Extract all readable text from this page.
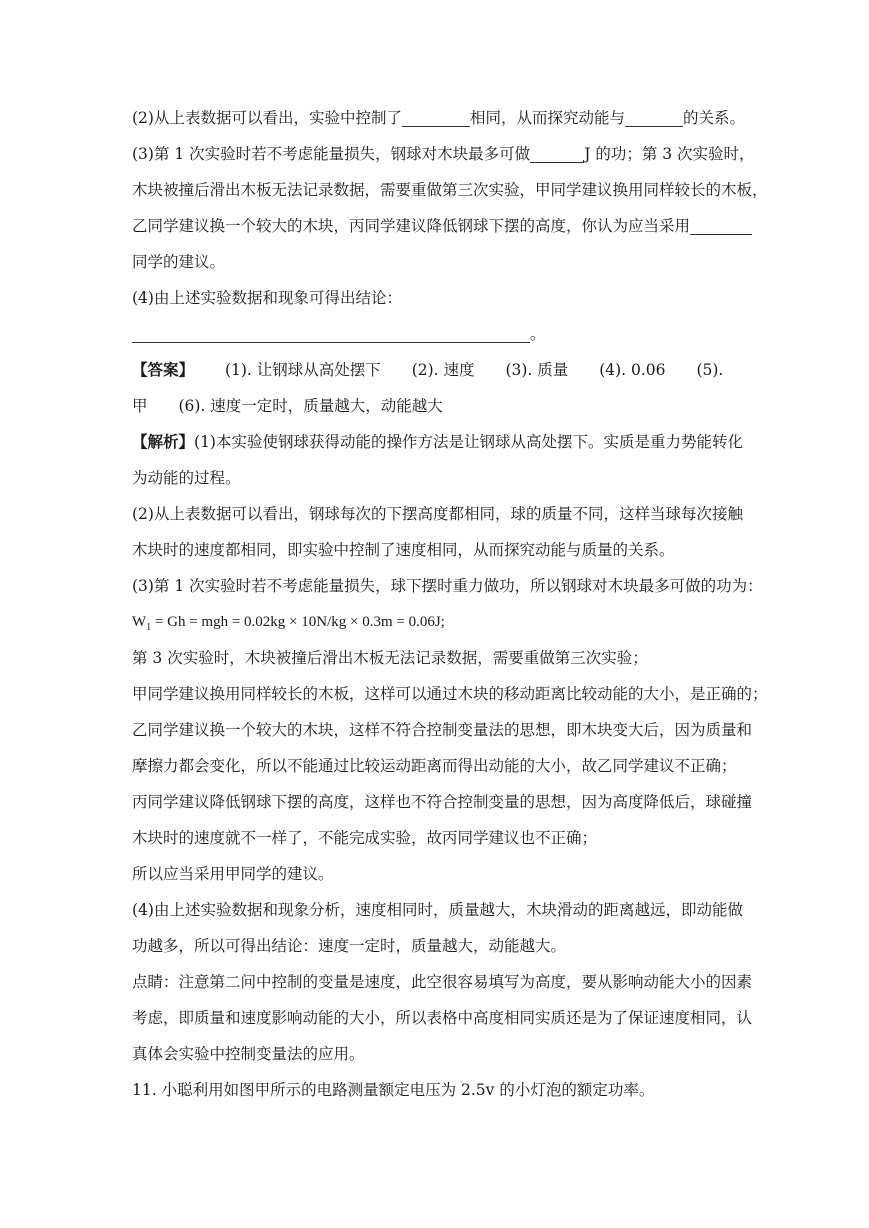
(2)从上表数据可以看出，实验中控制了	相同，从而探究动能与	的关系。
(3)第 1 次实验时若不考虑能量损失，钢球对木块最多可做	J 的功；第 3 次实验时，
木块被撞后滑出木板无法记录数据，需要重做第三次实验，甲同学建议换用同样较长的木板，
乙同学建议换一个较大的木块，丙同学建议降低钢球下摆的高度，你认为应当采用
同学的建议。
(4)由上述实验数据和现象可得出结论：
。
【答案】 (1). 让钢球从高处摆下 (2). 速度 (3). 质量 (4). 0.06 (5).
甲 (6). 速度一定时，质量越大，动能越大
【解析】(1)本实验使钢球获得动能的操作方法是让钢球从高处摆下。实质是重力势能转化
为动能的过程。
(2)从上表数据可以看出，钢球每次的下摆高度都相同，球的质量不同，这样当球每次接触
木块时的速度都相同，即实验中控制了速度相同，从而探究动能与质量的关系。
(3)第 1 次实验时若不考虑能量损失，球下摆时重力做功，所以钢球对木块最多可做的功为：
$W_1 = Gh$ = mgh = 0.02kg × 10N/kg × 0.3m = 0.06J;
第 3 次实验时，木块被撞后滑出木板无法记录数据，需要重做第三次实验；
甲同学建议换用同样较长的木板，这样可以通过木块的移动距离比较动能的大小，是正确的；
乙同学建议换一个较大的木块，这样不符合控制变量法的思想，即木块变大后，因为质量和
摩擦力都会变化，所以不能通过比较运动距离而得出动能的大小，故乙同学建议不正确；
丙同学建议降低钢球下摆的高度，这样也不符合控制变量的思想，因为高度降低后，球碰撞
木块时的速度就不一样了，不能完成实验，故丙同学建议也不正确；
所以应当采用甲同学的建议。
(4)由上述实验数据和现象分析，速度相同时，质量越大，木块滑动的距离越远，即动能做
功越多，所以可得出结论：速度一定时，质量越大，动能越大。
点睛：注意第二问中控制的变量是速度，此空很容易填写为高度，要从影响动能大小的因素
考虑，即质量和速度影响动能的大小，所以表格中高度相同实质还是为了保证速度相同，认
真体会实验中控制变量法的应用。
11. 小聪利用如图甲所示的电路测量额定电压为 2.5v 的小灯泡的额定功率。
